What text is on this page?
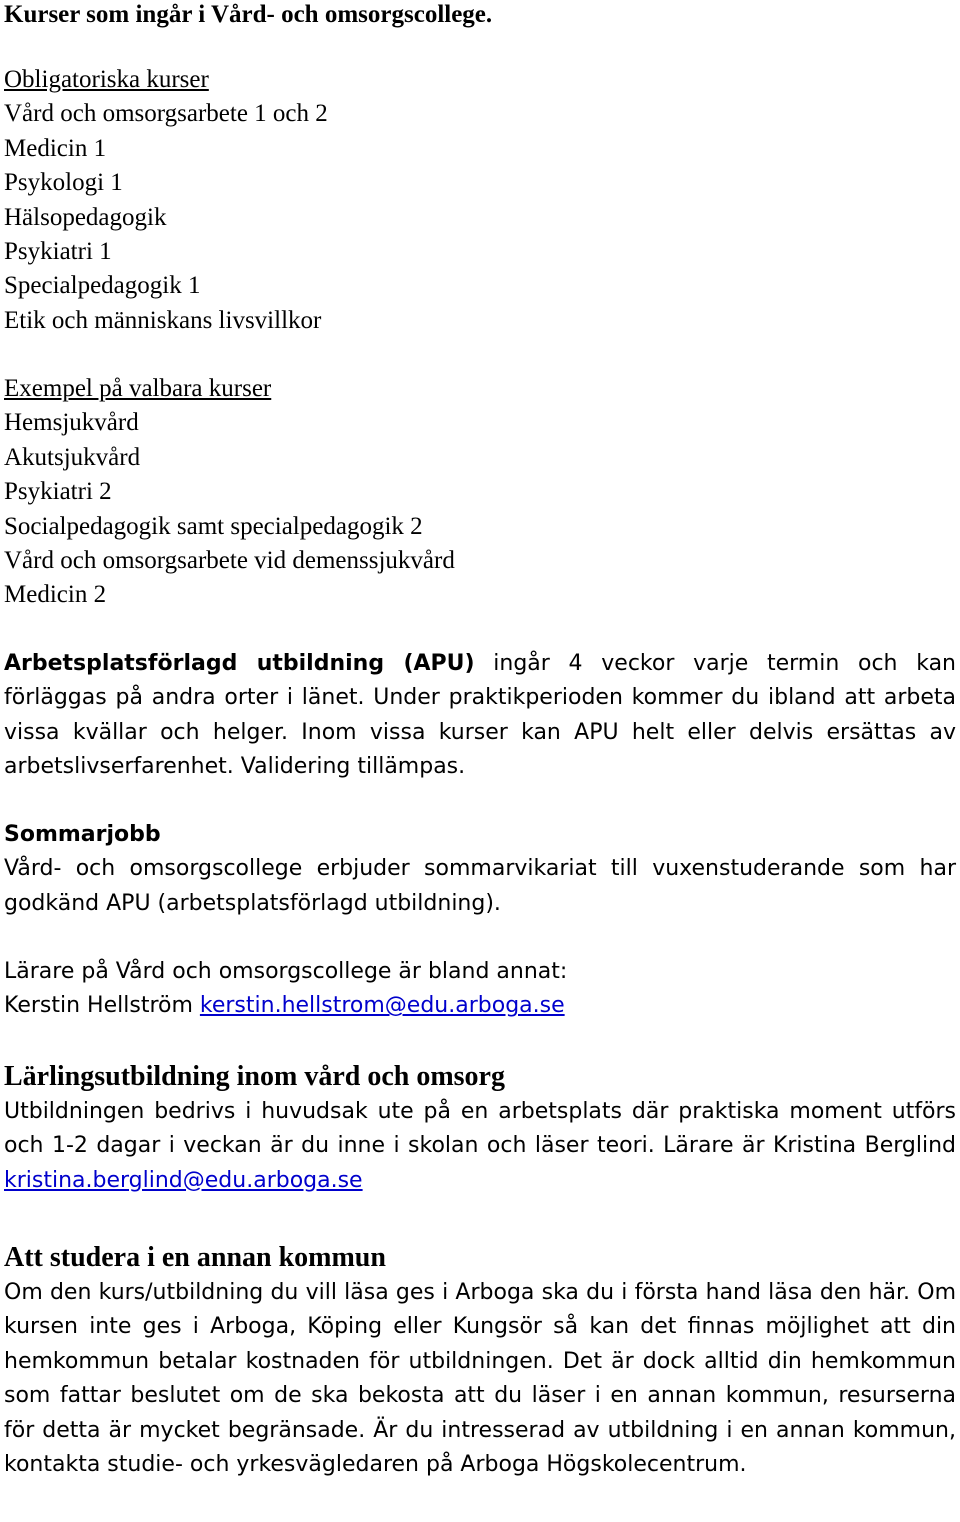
Kurser som ingår i Vård- och omsorgscollege.
Obligatoriska kurser
Vård och omsorgsarbete 1 och 2
Medicin 1
Psykologi 1
Hälsopedagogik
Psykiatri 1
Specialpedagogik 1
Etik och människans livsvillkor
Exempel på valbara kurser
Hemsjukvård
Akutsjukvård
Psykiatri 2
Socialpedagogik samt specialpedagogik 2
Vård och omsorgsarbete vid demenssjukvård
Medicin 2

Arbetsplatsförlagd utbildning (APU) ingår 4 veckor varje termin och kan förläggas på andra orter i länet. Under praktikperioden kommer du ibland att arbeta vissa kvällar och helger. Inom vissa kurser kan APU helt eller delvis ersättas av arbetslivserfarenhet. Validering tillämpas.

Sommarjobb

Vård- och omsorgscollege erbjuder sommarvikariat till vuxenstuderande som har godkänd APU (arbetsplatsförlagd utbildning).

Lärare på Vård och omsorgscollege är bland annat:
Kerstin Hellström kerstin.hellstrom@edu.arboga.se
Lärlingsutbildning inom vård och omsorg

Utbildningen bedrivs i huvudsak ute på en arbetsplats där praktiska moment utförs och 1-2 dagar i veckan är du inne i skolan och läser teori. Lärare är Kristina Berglind kristina.berglind@edu.arboga.se

Att studera i en annan kommun

Om den kurs/utbildning du vill läsa ges i Arboga ska du i första hand läsa den här. Om kursen inte ges i Arboga, Köping eller Kungsör så kan det finnas möjlighet att din hemkommun betalar kostnaden för utbildningen. Det är dock alltid din hemkommun som fattar beslutet om de ska bekosta att du läser i en annan kommun, resurserna för detta är mycket begränsade. Är du intresserad av utbildning i en annan kommun, kontakta studie- och yrkesvägledaren på Arboga Högskolecentrum.
